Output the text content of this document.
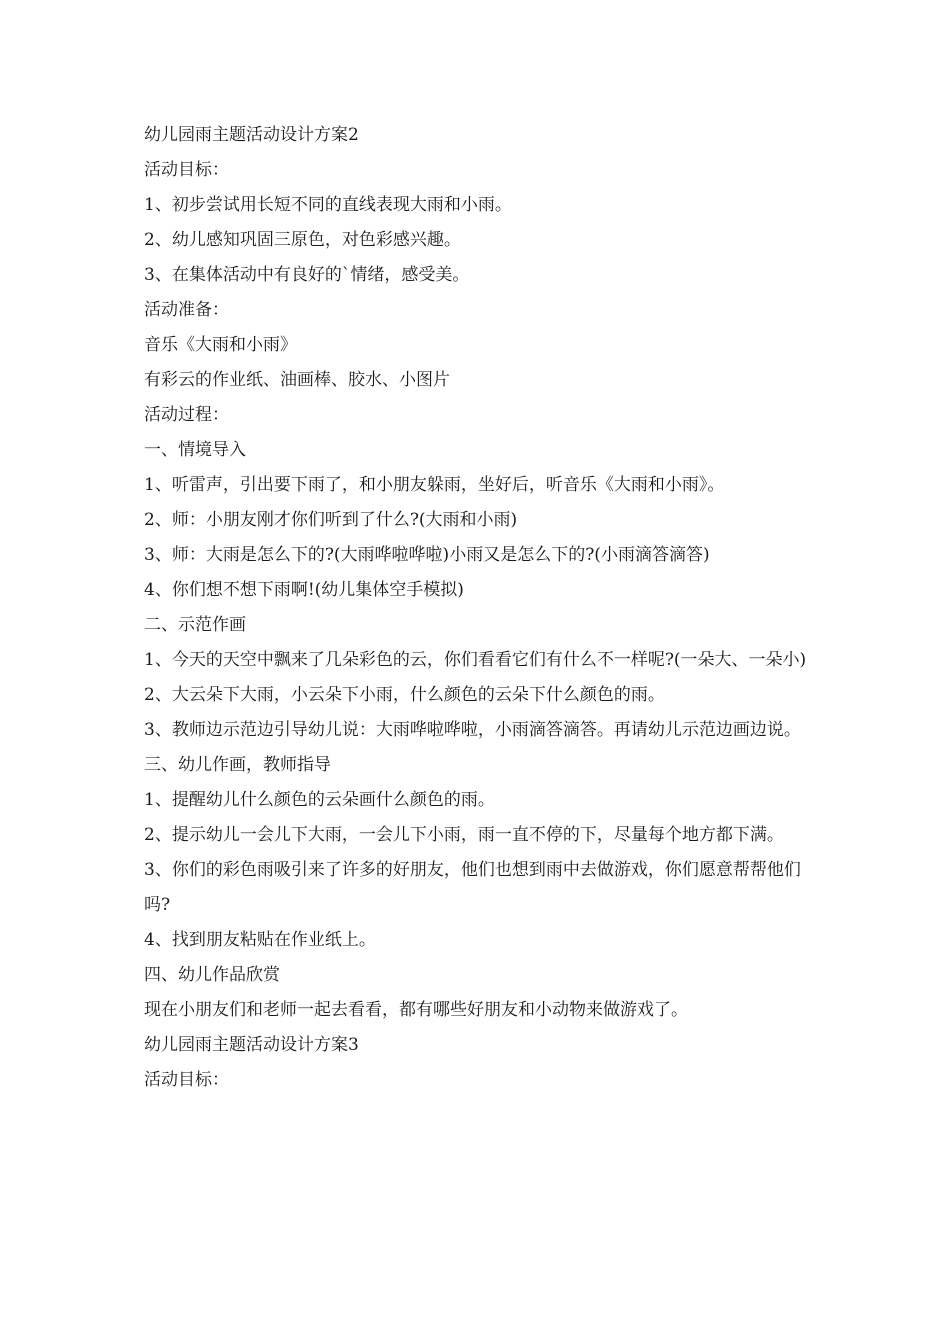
幼儿园雨主题活动设计方案2

活动目标：

1、初步尝试用长短不同的直线表现大雨和小雨。

2、幼儿感知巩固三原色，对色彩感兴趣。

3、在集体活动中有良好的`情绪，感受美。

活动准备：

音乐《大雨和小雨》

有彩云的作业纸、油画棒、胶水、小图片

活动过程：

一、情境导入

1、听雷声，引出要下雨了，和小朋友躲雨，坐好后，听音乐《大雨和小雨》。

2、师：小朋友刚才你们听到了什么?(大雨和小雨)

3、师：大雨是怎么下的?(大雨哗啦哗啦)小雨又是怎么下的?(小雨滴答滴答)

4、你们想不想下雨啊!(幼儿集体空手模拟)

二、示范作画

1、今天的天空中飘来了几朵彩色的云，你们看看它们有什么不一样呢?(一朵大、一朵小)

2、大云朵下大雨，小云朵下小雨，什么颜色的云朵下什么颜色的雨。

3、教师边示范边引导幼儿说：大雨哗啦哗啦，小雨滴答滴答。再请幼儿示范边画边说。

三、幼儿作画，教师指导

1、提醒幼儿什么颜色的云朵画什么颜色的雨。

2、提示幼儿一会儿下大雨，一会儿下小雨，雨一直不停的下，尽量每个地方都下满。

3、你们的彩色雨吸引来了许多的好朋友，他们也想到雨中去做游戏，你们愿意帮帮他们吗?

4、找到朋友粘贴在作业纸上。

四、幼儿作品欣赏

现在小朋友们和老师一起去看看，都有哪些好朋友和小动物来做游戏了。

幼儿园雨主题活动设计方案3

活动目标：
